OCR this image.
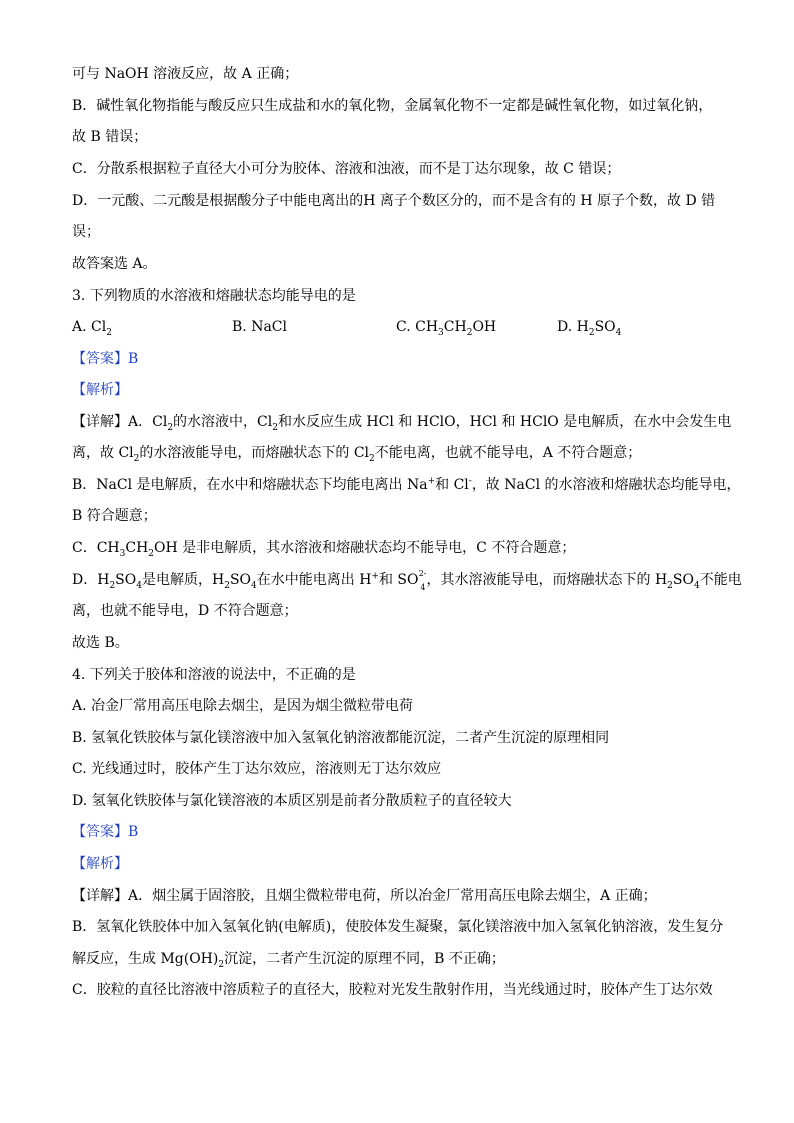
可与 NaOH 溶液反应，故 A 正确；
B．碱性氧化物指能与酸反应只生成盐和水的氧化物，金属氧化物不一定都是碱性氧化物，如过氧化钠，
故 B 错误；
C．分散系根据粒子直径大小可分为胶体、溶液和浊液，而不是丁达尔现象，故 C 错误；
D．一元酸、二元酸是根据酸分子中能电离出的H 离子个数区分的，而不是含有的 H 原子个数，故 D 错
误；
故答案选 A。
3. 下列物质的水溶液和熔融状态均能导电的是
A. $Cl_2$	B. NaCl	C. $CH_3CH_2OH$	D. $H_2SO_4$
【答案】B
【解析】
【详解】A．$Cl_2$的水溶液中，$Cl_2$和水反应生成 HCl 和 HClO，HCl 和 HClO 是电解质，在水中会发生电
离，故 $Cl_2$的水溶液能导电，而熔融状态下的 $Cl_2$不能电离，也就不能导电，A 不符合题意；
B．NaCl 是电解质，在水中和熔融状态下均能电离出 Na+和 Cl-，故 NaCl 的水溶液和熔融状态均能导电，
B 符合题意；
C．$CH_3CH_2OH$ 是非电解质，其水溶液和熔融状态均不能导电，C 不符合题意；
D．$H_2SO_4$是电解质，$H_2SO_4$在水中能电离出 H+和 SO 2-
4 ，其水溶液能导电，而熔融状态下的 $H_2SO_4$不能电
离，也就不能导电，D 不符合题意；
故选 B。
4. 下列关于胶体和溶液的说法中，不正确的是
A. 冶金厂常用高压电除去烟尘，是因为烟尘微粒带电荷
B. 氢氧化铁胶体与氯化镁溶液中加入氢氧化钠溶液都能沉淀，二者产生沉淀的原理相同
C. 光线通过时，胶体产生丁达尔效应，溶液则无丁达尔效应
D. 氢氧化铁胶体与氯化镁溶液的本质区别是前者分散质粒子的直径较大
【答案】B
【解析】
【详解】A．烟尘属于固溶胶，且烟尘微粒带电荷，所以冶金厂常用高压电除去烟尘，A 正确；
B．氢氧化铁胶体中加入氢氧化钠(电解质)，使胶体发生凝聚，氯化镁溶液中加入氢氧化钠溶液，发生复分
解反应，生成 $Mg(OH)_2$沉淀，二者产生沉淀的原理不同，B 不正确；
C．胶粒的直径比溶液中溶质粒子的直径大，胶粒对光发生散射作用，当光线通过时，胶体产生丁达尔效
